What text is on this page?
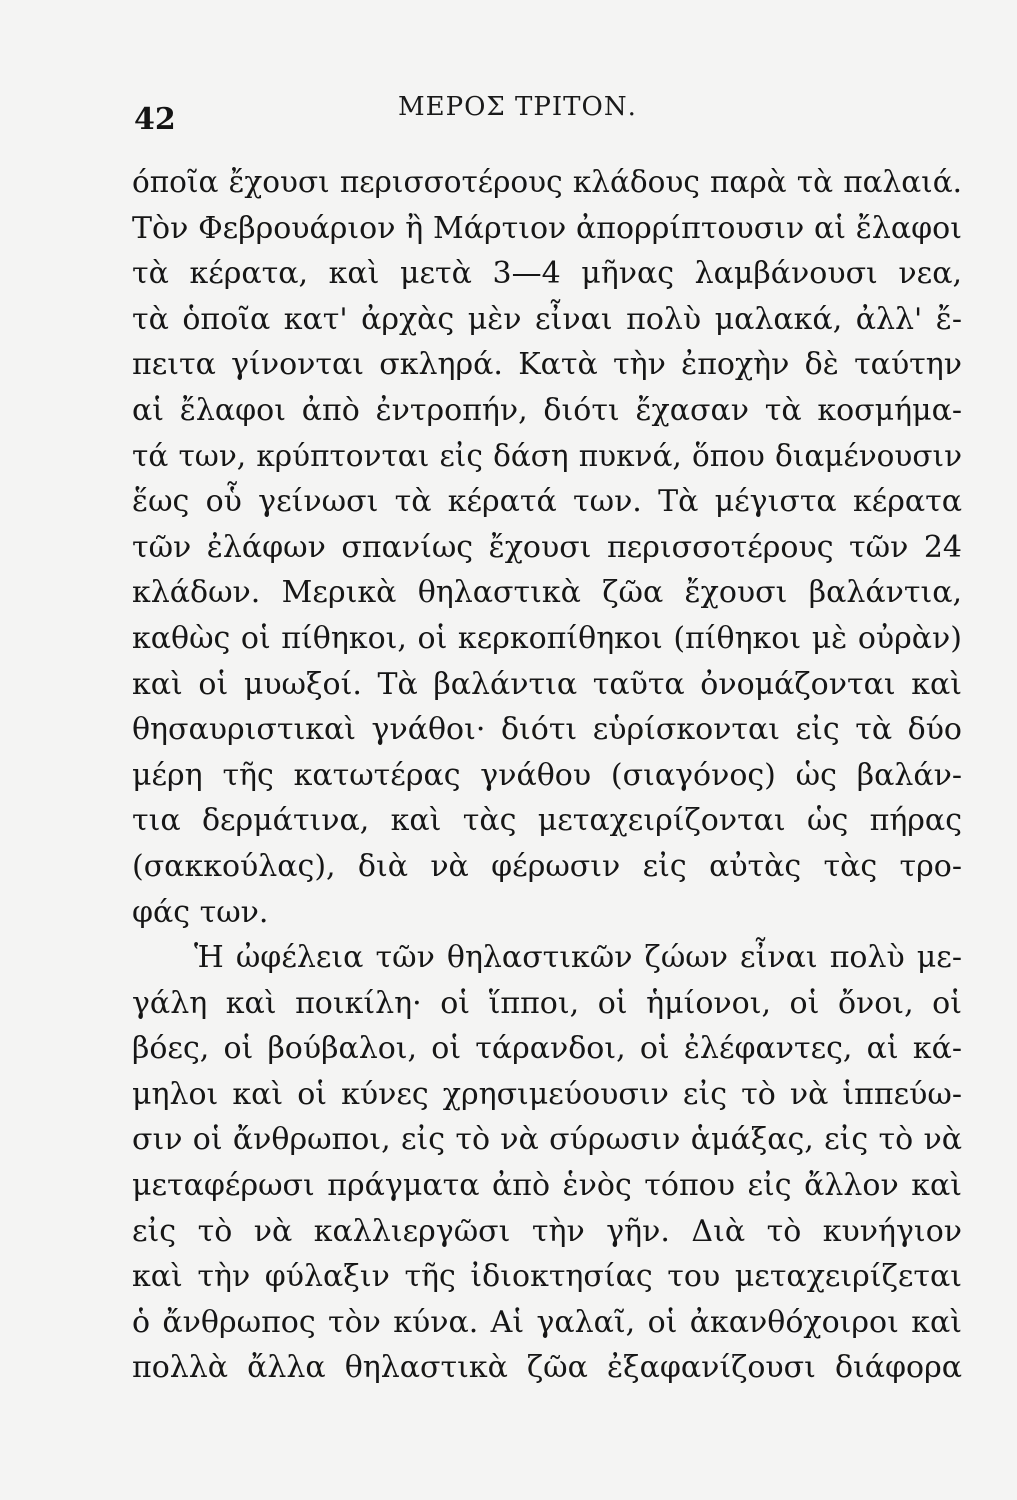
42	ΜΕΡΟΣ ΤΡΙΤΟΝ.
όποῖα ἔχουσι περισσοτέρους κλάδους παρὰ τὰ παλαιά.
Τὸν Φεβρουάριον ἢ Μάρτιον ἀπορρίπτουσιν αἱ ἔλαφοι
τὰ κέρατα, καὶ μετὰ 3—4 μῆνας λαμβάνουσι νεα,
τὰ ὁποῖα κατ' ἀρχὰς μὲν εἶναι πολὺ μαλακά, ἀλλ' ἔ-
πειτα γίνονται σκληρά. Κατὰ τὴν ἐποχὴν δὲ ταύτην
αἱ ἔλαφοι ἀπὸ ἐντροπήν, διότι ἔχασαν τὰ κοσμήμα-
τά των, κρύπτονται εἰς δάση πυκνά, ὅπου διαμένουσιν
ἕως οὗ γείνωσι τὰ κέρατά των. Τὰ μέγιστα κέρατα
τῶν ἐλάφων σπανίως ἔχουσι περισσοτέρους τῶν 24
κλάδων. Μερικὰ θηλαστικὰ ζῶα ἔχουσι βαλάντια,
καθὼς οἱ πίθηκοι, οἱ κερκοπίθηκοι (πίθηκοι μὲ οὐρὰν)
καὶ οἱ μυωξοί. Τὰ βαλάντια ταῦτα ὀνομάζονται καὶ
θησαυριστικαὶ γνάθοι· διότι εὑρίσκονται εἰς τὰ δύο
μέρη τῆς κατωτέρας γνάθου (σιαγόνος) ὡς βαλάν-
τια δερμάτινα, καὶ τὰς μεταχειρίζονται ὡς πήρας
(σακκούλας), διὰ νὰ φέρωσιν εἰς αὐτὰς τὰς τρο-
φάς των.
Ἡ ὠφέλεια τῶν θηλαστικῶν ζώων εἶναι πολὺ με-
γάλη καὶ ποικίλη· οἱ ἵπποι, οἱ ἡμίονοι, οἱ ὄνοι, οἱ
βόες, οἱ βούβαλοι, οἱ τάρανδοι, οἱ ἐλέφαντες, αἱ κά-
μηλοι καὶ οἱ κύνες χρησιμεύουσιν εἰς τὸ νὰ ἱππεύω-
σιν οἱ ἄνθρωποι, εἰς τὸ νὰ σύρωσιν ἁμάξας, εἰς τὸ νὰ
μεταφέρωσι πράγματα ἀπὸ ἑνὸς τόπου εἰς ἄλλον καὶ
εἰς τὸ νὰ καλλιεργῶσι τὴν γῆν. Διὰ τὸ κυνήγιον
καὶ τὴν φύλαξιν τῆς ἰδιοκτησίας του μεταχειρίζεται
ὁ ἄνθρωπος τὸν κύνα. Αἱ γαλαῖ, οἱ ἀκανθόχοιροι καὶ
πολλὰ ἄλλα θηλαστικὰ ζῶα ἐξαφανίζουσι διάφορα
